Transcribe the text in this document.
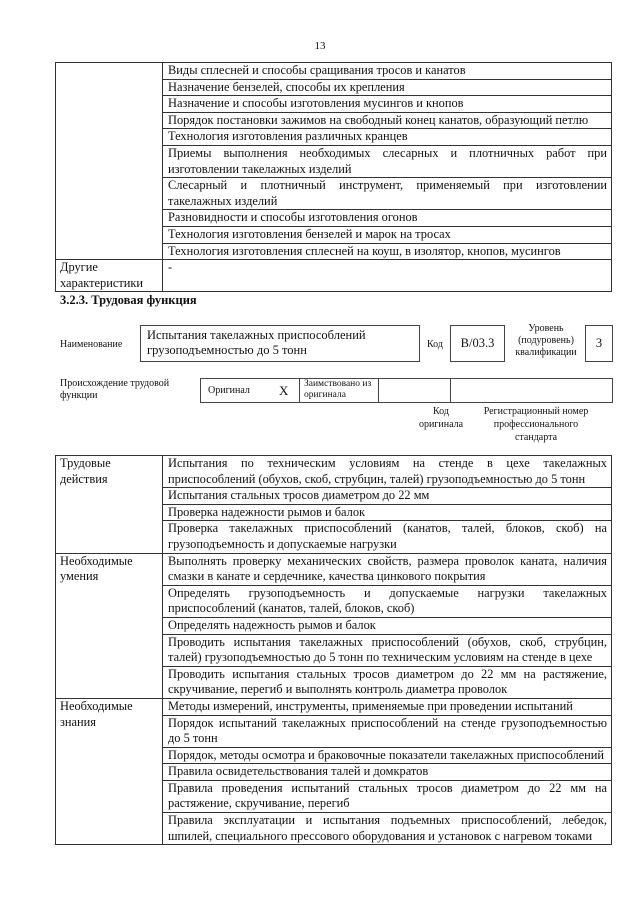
13
	Виды сплесней и способы сращивания тросов и канатов
	Назначение бензелей, способы их крепления
	Назначение и способы изготовления мусингов и кнопов
	Порядок постановки зажимов на свободный конец канатов, образующий петлю
	Технология изготовления различных кранцев
	Приемы выполнения необходимых слесарных и плотничных работ при изготовлении такелажных изделий
	Слесарный и плотничный инструмент, применяемый при изготовлении такелажных изделий
	Разновидности и способы изготовления огонов
	Технология изготовления бензелей и марок на тросах
	Технология изготовления сплесней на коуш, в изолятор, кнопов, мусингов
Другие характеристики	-
3.2.3. Трудовая функция
Наименование
Испытания такелажных приспособлений грузоподъемностью до 5 тонн	Код	B/03.3
Уровень (подуровень) квалификации
3
Происхождение трудовой функции	Оригинал X	Заимствовано из оригинала
Код оригинала
Регистрационный номер профессионального стандарта
Трудовые действия	Испытания по техническим условиям на стенде в цехе такелажных приспособлений (обухов, скоб, струбцин, талей) грузоподъемностью до 5 тонн
	Испытания стальных тросов диаметром до 22 мм
	Проверка надежности рымов и балок
	Проверка такелажных приспособлений (канатов, талей, блоков, скоб) на грузоподъемность и допускаемые нагрузки
Необходимые умения	Выполнять проверку механических свойств, размера проволок каната, наличия смазки в канате и сердечнике, качества цинкового покрытия
	Определять грузоподъемность и допускаемые нагрузки такелажных приспособлений (канатов, талей, блоков, скоб)
	Определять надежность рымов и балок
	Проводить испытания такелажных приспособлений (обухов, скоб, струбцин, талей) грузоподъемностью до 5 тонн по техническим условиям на стенде в цехе
	Проводить испытания стальных тросов диаметром до 22 мм на растяжение, скручивание, перегиб и выполнять контроль диаметра проволок
Необходимые знания	Методы измерений, инструменты, применяемые при проведении испытаний
	Порядок испытаний такелажных приспособлений на стенде грузоподъемностью до 5 тонн
	Порядок, методы осмотра и браковочные показатели такелажных приспособлений
	Правила освидетельствования талей и домкратов
	Правила проведения испытаний стальных тросов диаметром до 22 мм на растяжение, скручивание, перегиб
	Правила эксплуатации и испытания подъемных приспособлений, лебедок, шпилей, специального прессового оборудования и установок с нагревом токами
